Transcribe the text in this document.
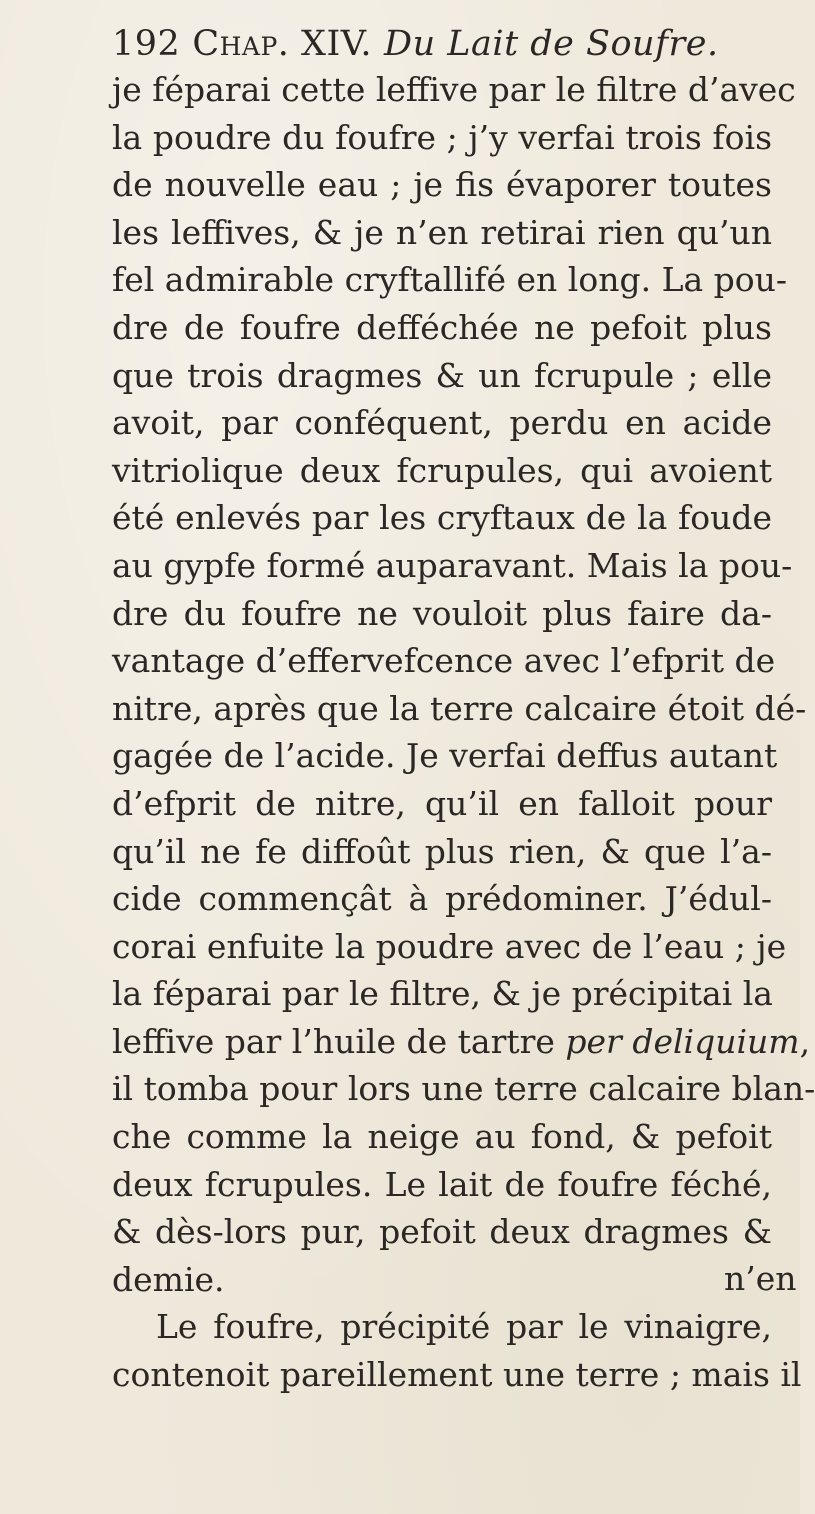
192 Chap. XIV. Du Lait de Soufre.
je féparai cette leffive par le filtre d’avec
la poudre du foufre ; j’y verfai trois fois
de nouvelle eau ; je fis évaporer toutes
les leffives, & je n’en retirai rien qu’un
fel admirable cryftallifé en long. La pou-
dre de foufre defféchée ne pefoit plus
que trois dragmes & un fcrupule ; elle
avoit, par conféquent, perdu en acide
vitriolique deux fcrupules, qui avoient
été enlevés par les cryftaux de la foude
au gypfe formé auparavant. Mais la pou-
dre du foufre ne vouloit plus faire da-
vantage d’effervefcence avec l’efprit de
nitre, après que la terre calcaire étoit dé-
gagée de l’acide. Je verfai deffus autant
d’efprit de nitre, qu’il en falloit pour
qu’il ne fe diffoût plus rien, & que l’a-
cide commençât à prédominer. J’édul-
corai enfuite la poudre avec de l’eau ; je
la féparai par le filtre, & je précipitai la
leffive par l’huile de tartre per deliquium,
il tomba pour lors une terre calcaire blan-
che comme la neige au fond, & pefoit
deux fcrupules. Le lait de foufre féché,
& dès-lors pur, pefoit deux dragmes &
demie.
Le foufre, précipité par le vinaigre,
contenoit pareillement une terre ; mais il
n’en
